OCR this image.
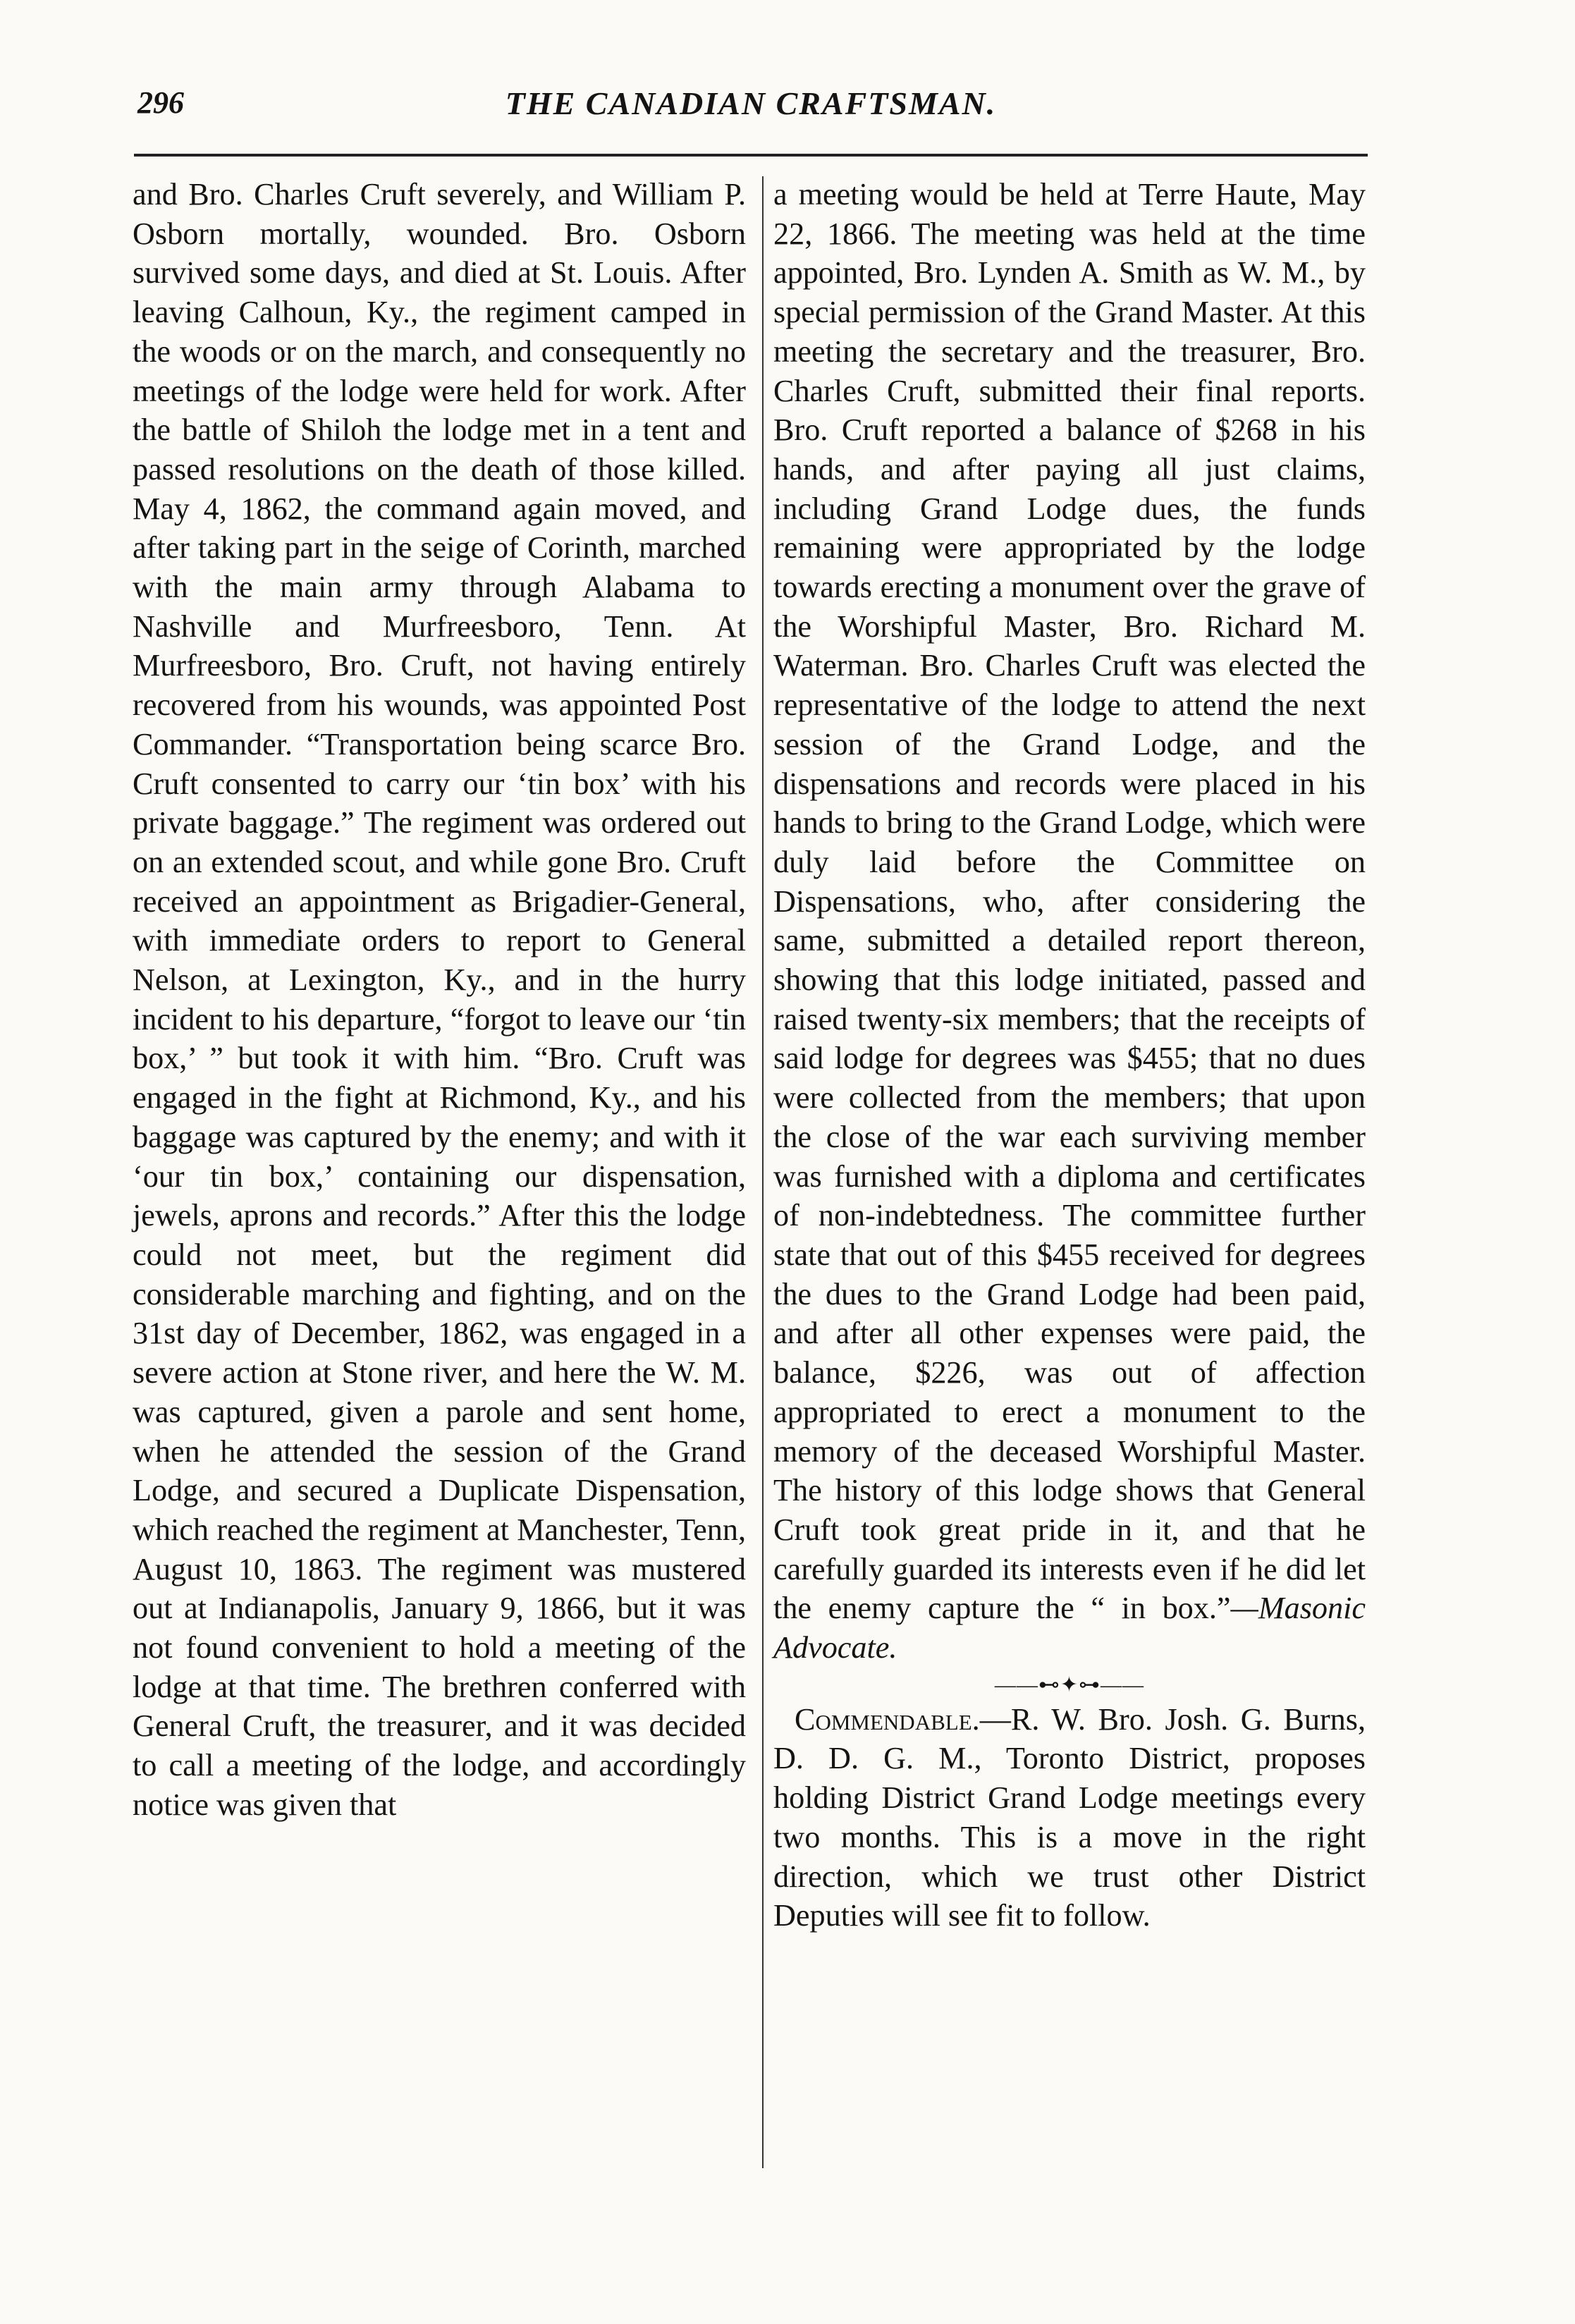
296	THE CANADIAN CRAFTSMAN.

and Bro. Charles Cruft severely, and William P. Osborn mortally, wounded. Bro. Osborn survived some days, and died at St. Louis. After leaving Calhoun, Ky., the regiment camped in the woods or on the march, and consequently no meetings of the lodge were held for work. After the battle of Shiloh the lodge met in a tent and passed resolutions on the death of those killed. May 4, 1862, the command again moved, and after taking part in the seige of Corinth, marched with the main army through Alabama to Nashville and Murfreesboro, Tenn. At Murfreesboro, Bro. Cruft, not having entirely recovered from his wounds, was appointed Post Commander. “Transportation being scarce Bro. Cruft consented to carry our ‘tin box’ with his private baggage.” The regiment was ordered out on an extended scout, and while gone Bro. Cruft received an appointment as Brigadier-General, with immediate orders to report to General Nelson, at Lexington, Ky., and in the hurry incident to his departure, “forgot to leave our ‘tin box,’ ” but took it with him. “Bro. Cruft was engaged in the fight at Richmond, Ky., and his baggage was captured by the enemy; and with it ‘our tin box,’ containing our dispensation, jewels, aprons and records.” After this the lodge could not meet, but the regiment did considerable marching and fighting, and on the 31st day of December, 1862, was engaged in a severe action at Stone river, and here the W. M. was captured, given a parole and sent home, when he attended the session of the Grand Lodge, and secured a Duplicate Dispensation, which reached the regiment at Manchester, Tenn, August 10, 1863. The regiment was mustered out at Indianapolis, January 9, 1866, but it was not found convenient to hold a meeting of the lodge at that time. The brethren conferred with General Cruft, the treasurer, and it was decided to call a meeting of the lodge, and accordingly notice was given that

a meeting would be held at Terre Haute, May 22, 1866. The meeting was held at the time appointed, Bro. Lynden A. Smith as W. M., by special permission of the Grand Master. At this meeting the secretary and the treasurer, Bro. Charles Cruft, submitted their final reports. Bro. Cruft reported a balance of $268 in his hands, and after paying all just claims, including Grand Lodge dues, the funds remaining were appropriated by the lodge towards erecting a monument over the grave of the Worshipful Master, Bro. Richard M. Waterman. Bro. Charles Cruft was elected the representative of the lodge to attend the next session of the Grand Lodge, and the dispensations and records were placed in his hands to bring to the Grand Lodge, which were duly laid before the Committee on Dispensations, who, after considering the same, submitted a detailed report thereon, showing that this lodge initiated, passed and raised twenty-six members; that the receipts of said lodge for degrees was $455; that no dues were collected from the members; that upon the close of the war each surviving member was furnished with a diploma and certificates of non-indebtedness. The committee further state that out of this $455 received for degrees the dues to the Grand Lodge had been paid, and after all other expenses were paid, the balance, $226, was out of affection appropriated to erect a monument to the memory of the deceased Worshipful Master. The history of this lodge shows that General Cruft took great pride in it, and that he carefully guarded its interests even if he did let the enemy capture the “ in box.”—Masonic Advocate.

——⊷✦⊶——

Commendable.—R. W. Bro. Josh. G. Burns, D. D. G. M., Toronto District, proposes holding District Grand Lodge meetings every two months. This is a move in the right direction, which we trust other District Deputies will see fit to follow.
